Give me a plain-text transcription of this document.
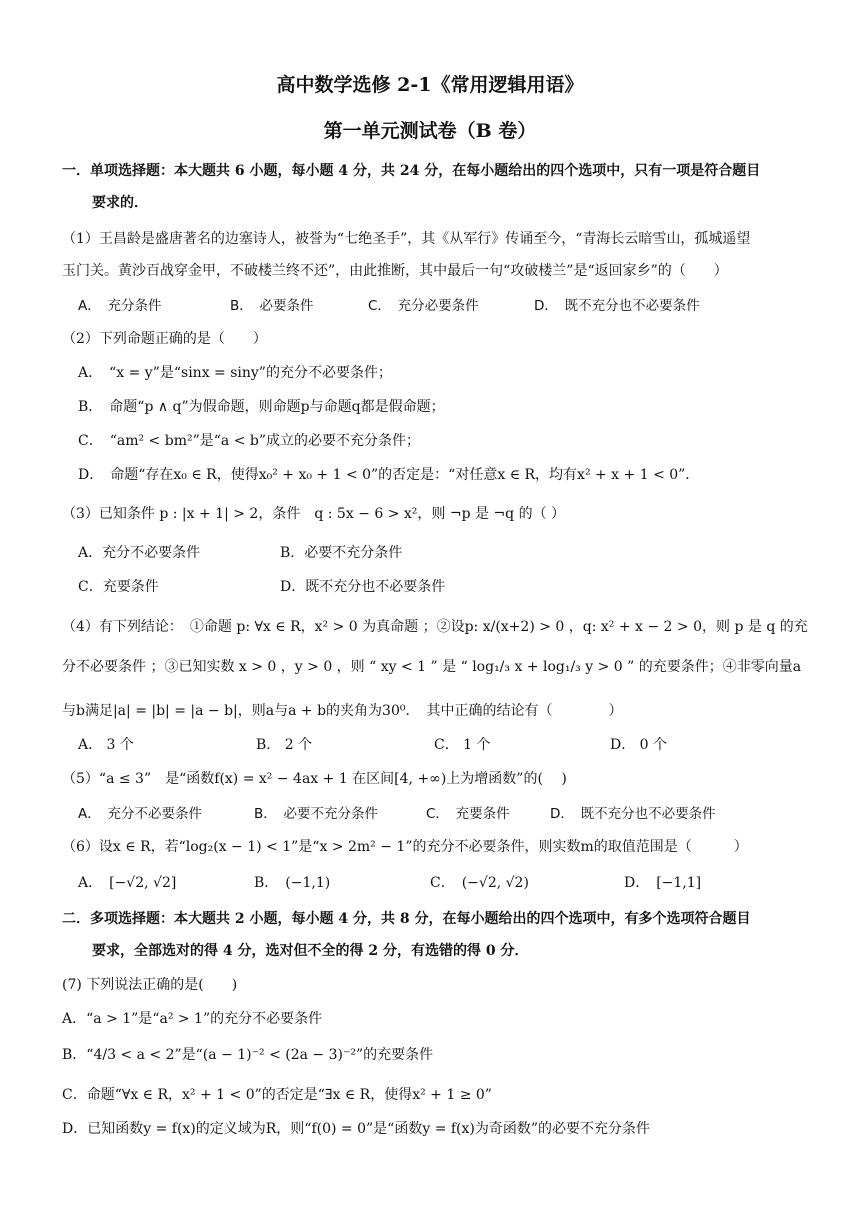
高中数学选修 2-1《常用逻辑用语》
第一单元测试卷（B 卷）
一．单项选择题：本大题共 6 小题，每小题 4 分，共 24 分，在每小题给出的四个选项中，只有一项是符合题目
要求的．
（1）王昌龄是盛唐著名的边塞诗人，被誉为“七绝圣手”，其《从军行》传诵至今，“青海长云暗雪山，孤城遥望
玉门关。黄沙百战穿金甲，不破楼兰终不还”，由此推断，其中最后一句“攻破楼兰”是“返回家乡”的（　　）
A．　充分条件	B．　必要条件	C．　充分必要条件	D．　既不充分也不必要条件
（2）下列命题正确的是（　　）
A．　“x = y”是“sinx = siny”的充分不必要条件；
B．　命题“p ∧ q”为假命题，则命题p与命题q都是假命题；
C．　“am² < bm²”是“a < b”成立的必要不充分条件；
D．　命题“存在x₀ ∈ R，使得x₀² + x₀ + 1 < 0”的否定是：“对任意x ∈ R，均有x² + x + 1 < 0”．
（3）已知条件 p : |x + 1| > 2，条件　q : 5x − 6 > x²，则 ¬p 是 ¬q 的（ ）
A．充分不必要条件	B．必要不充分条件
C．充要条件	D．既不充分也不必要条件
（4）有下列结论：　①命题 p: ∀x ∈ R，x² > 0 为真命题 ；②设p: x/(x+2) > 0 ，q: x² + x − 2 > 0，则 p 是 q 的充
分不必要条件 ；③已知实数 x > 0 ，y > 0 ，则 “ xy < 1 ” 是 “ log₁/₃ x + log₁/₃ y > 0 ” 的充要条件；④非零向量a
与b满足|a| = |b| = |a − b|，则a与a + b的夹角为30⁰．　其中正确的结论有（　　　　）
A． 3 个	B． 2 个	C． 1 个	D． 0 个
（5）“a ≤ 3”　是“函数f(x) = x² − 4ax + 1 在区间[4, +∞)上为增函数”的(　 )
A．　充分不必要条件	B．　必要不充分条件	C．　充要条件	D．　既不充分也不必要条件
（6）设x ∈ R，若“log₂(x − 1) < 1”是“x > 2m² − 1”的充分不必要条件，则实数m的取值范围是（　　　）
A．　[−√2, √2]	B．　(−1,1)	C．　(−√2, √2)	D．　[−1,1]
二．多项选择题：本大题共 2 小题，每小题 4 分，共 8 分，在每小题给出的四个选项中，有多个选项符合题目
要求，全部选对的得 4 分，选对但不全的得 2 分，有选错的得 0 分．
(7) 下列说法正确的是(　　)
A．“a > 1”是“a² > 1”的充分不必要条件
B．“4/3 < a < 2”是“(a − 1)⁻² < (2a − 3)⁻²”的充要条件
C．命题“∀x ∈ R，x² + 1 < 0”的否定是“∃x ∈ R，使得x² + 1 ≥ 0”
D．已知函数y = f(x)的定义域为R，则“f(0) = 0”是“函数y = f(x)为奇函数”的必要不充分条件
